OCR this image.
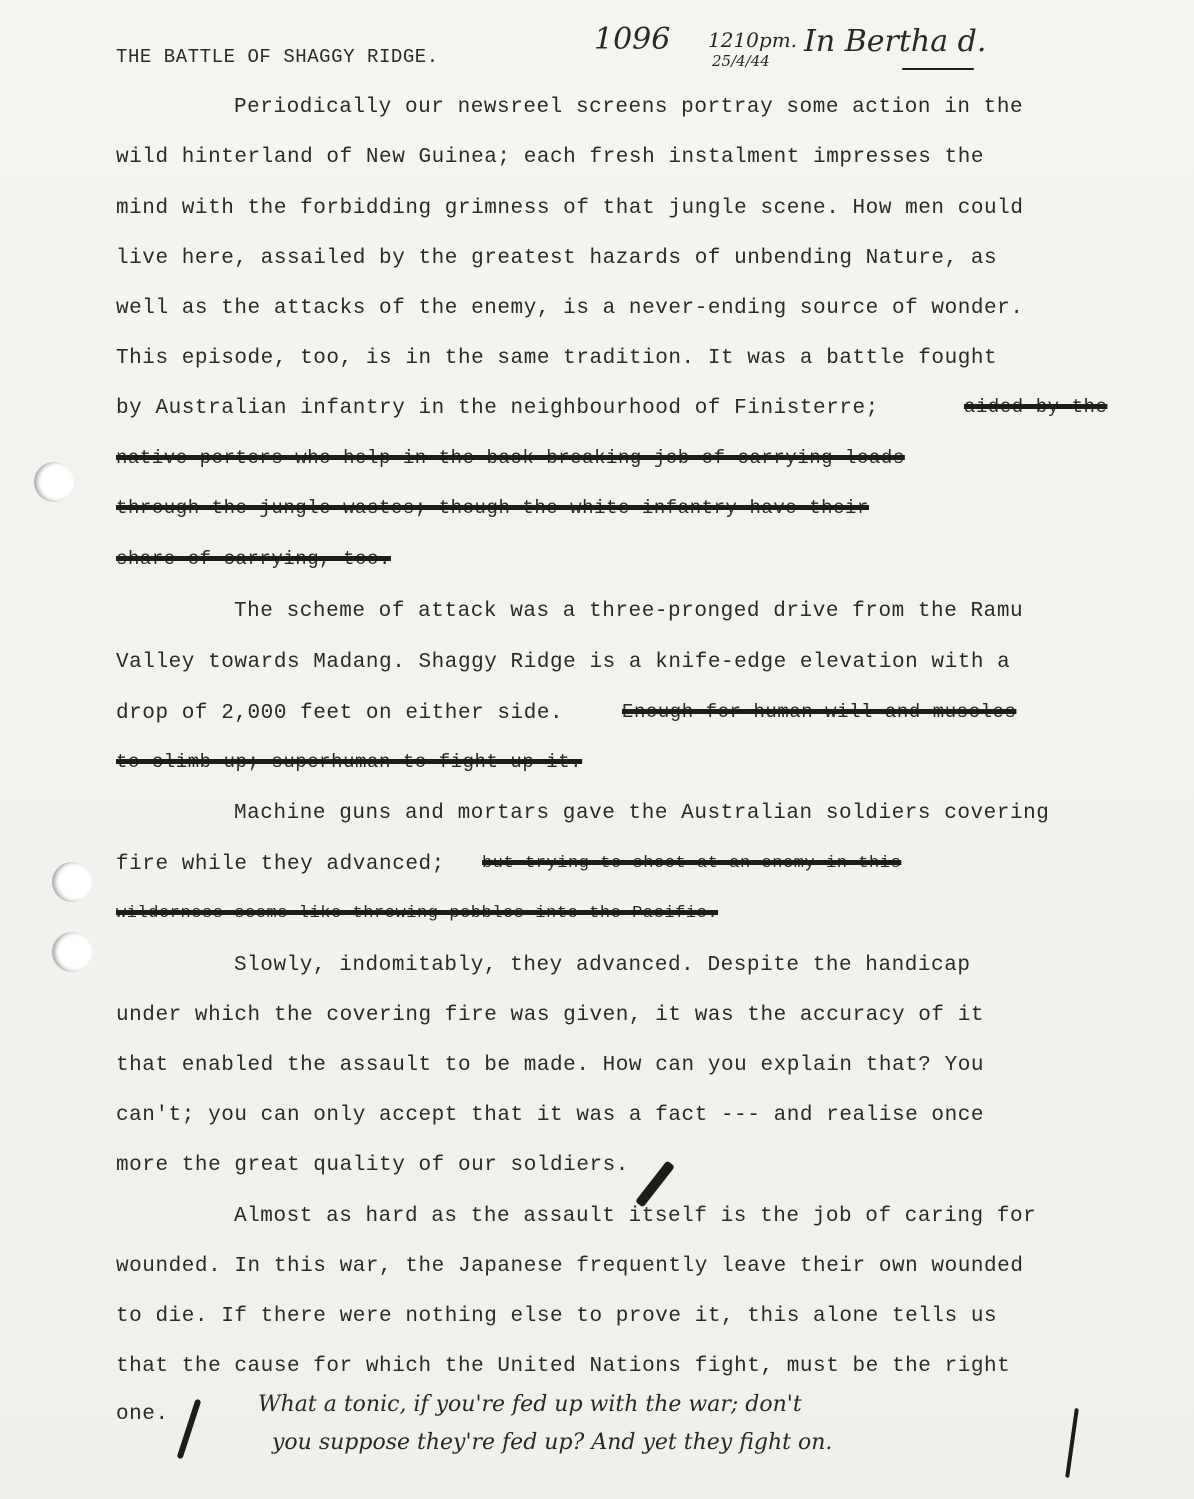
THE BATTLE OF SHAGGY RIDGE.	1096 1210pm.
25/4/44
In Bertha d.
Periodically our newsreel screens portray some action in the
wild hinterland of New Guinea; each fresh instalment impresses the
mind with the forbidding grimness of that jungle scene. How men could
live here, assailed by the greatest hazards of unbending Nature, as
well as the attacks of the enemy, is a never-ending source of wonder.
This episode, too, is in the same tradition. It was a battle fought
by Australian infantry in the neighbourhood of Finisterre;	aided by the
native porters who help in the back-breaking job of carrying loads
through the jungle wastes; though the white infantry have their
share of carrying, too.
The scheme of attack was a three-pronged drive from the Ramu
Valley towards Madang. Shaggy Ridge is a knife-edge elevation with a
drop of 2,000 feet on either side.	Enough for human will and muscles
to climb up; superhuman to fight up it.
Machine guns and mortars gave the Australian soldiers covering
fire while they advanced; but trying to shoot at an enemy in this
wilderness seems like throwing pebbles into the Pacific.
Slowly, indomitably, they advanced. Despite the handicap
under which the covering fire was given, it was the accuracy of it
that enabled the assault to be made. How can you explain that? You
can't; you can only accept that it was a fact --- and realise once
more the great quality of our soldiers.
Almost as hard as the assault itself is the job of caring for
wounded. In this war, the Japanese frequently leave their own wounded
to die. If there were nothing else to prove it, this alone tells us
that the cause for which the United Nations fight, must be the right
one.	What a tonic, if you're fed up with the war; don't
you suppose they're fed up? And yet they fight on.
